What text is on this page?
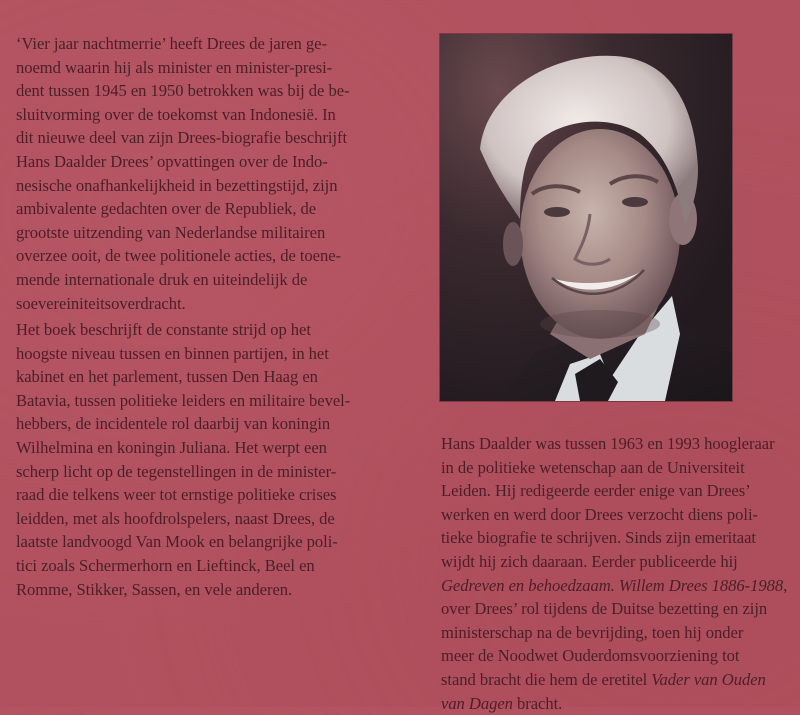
‘Vier jaar nachtmerrie’ heeft Drees de jaren ge-
noemd waarin hij als minister en minister-presi-
dent tussen 1945 en 1950 betrokken was bij de be-
sluitvorming over de toekomst van Indonesië. In
dit nieuwe deel van zijn Drees-biografie beschrijft
Hans Daalder Drees’ opvattingen over de Indo-
nesische onafhankelijkheid in bezettingstijd, zijn
ambivalente gedachten over de Republiek, de
grootste uitzending van Nederlandse militairen
overzee ooit, de twee politionele acties, de toene-
mende internationale druk en uiteindelijk de
soevereiniteitsoverdracht.
Het boek beschrijft de constante strijd op het
hoogste niveau tussen en binnen partijen, in het
kabinet en het parlement, tussen Den Haag en
Batavia, tussen politieke leiders en militaire bevel-
hebbers, de incidentele rol daarbij van koningin
Wilhelmina en koningin Juliana. Het werpt een
scherp licht op de tegenstellingen in de minister-
raad die telkens weer tot ernstige politieke crises
leidden, met als hoofdrolspelers, naast Drees, de
laatste landvoogd Van Mook en belangrijke poli-
tici zoals Schermerhorn en Lieftinck, Beel en
Romme, Stikker, Sassen, en vele anderen.
Hans Daalder was tussen 1963 en 1993 hoogleraar
in de politieke wetenschap aan de Universiteit
Leiden. Hij redigeerde eerder enige van Drees’
werken en werd door Drees verzocht diens poli-
tieke biografie te schrijven. Sinds zijn emeritaat
wijdt hij zich daaraan. Eerder publiceerde hij
Gedreven en behoedzaam. Willem Drees 1886-1988,
over Drees’ rol tijdens de Duitse bezetting en zijn
ministerschap na de bevrijding, toen hij onder
meer de Noodwet Ouderdomsvoorziening tot
stand bracht die hem de eretitel Vader van Ouden
van Dagen bracht.
